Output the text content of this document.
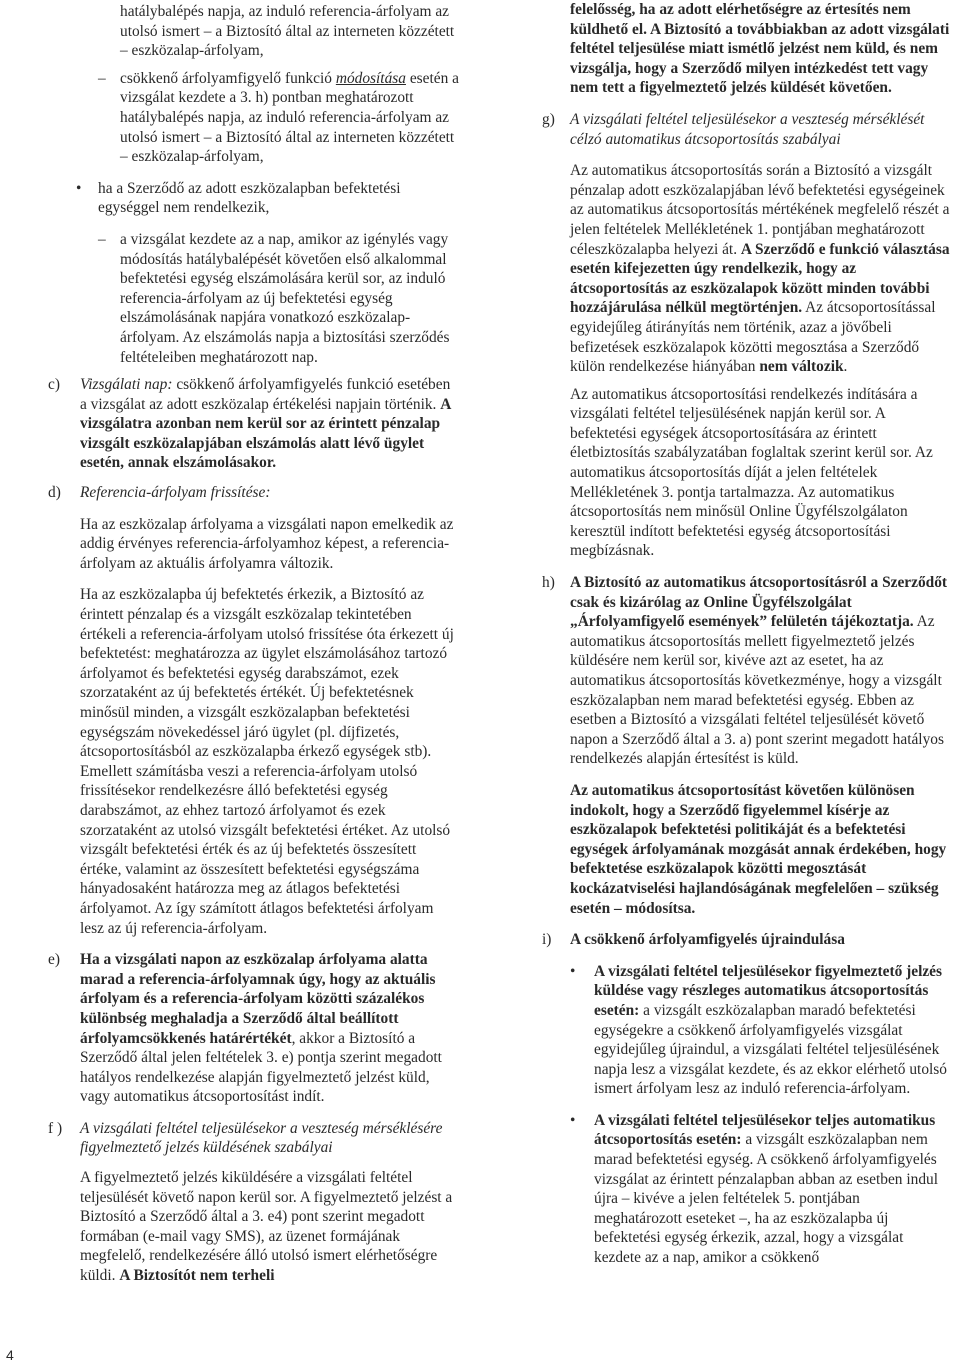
hatálybalépés napja, az induló referencia-árfolyam az utolsó ismert – a Biztosító által az interneten közzétett – eszközalap-árfolyam,

– csökkenő árfolyamfigyelő funkció módosítása esetén a vizsgálat kezdete a 3. h) pontban meghatározott hatálybalépés napja, az induló referencia-árfolyam az utolsó ismert – a Biztosító által az interneten közzétett – eszközalap-árfolyam,
• ha a Szerződő az adott eszközalapban befektetési egységgel nem rendelkezik,
– a vizsgálat kezdete az a nap, amikor az igénylés vagy módosítás hatálybalépését követően első alkalommal befektetési egység elszámolására kerül sor, az induló referencia-árfolyam az új befektetési egység elszámolásának napjára vonatkozó eszközalap-árfolyam. Az elszámolás napja a biztosítási szerződés feltételeiben meghatározott nap.
c) Vizsgálati nap: csökkenő árfolyamfigyelés funkció esetében a vizsgálat az adott eszközalap értékelési napjain történik. A vizsgálatra azonban nem kerül sor az érintett pénzalap vizsgált eszközalapjában elszámolás alatt lévő ügylet esetén, annak elszámolásakor.
d) Referencia-árfolyam frissítése:

Ha az eszközalap árfolyama a vizsgálati napon emelkedik az addig érvényes referencia-árfolyamhoz képest, a referencia-árfolyam az aktuális árfolyamra változik.

Ha az eszközalapba új befektetés érkezik, a Biztosító az érintett pénzalap és a vizsgált eszközalap tekintetében értékeli a referencia-árfolyam utolsó frissítése óta érkezett új befektetést: meghatározza az ügylet elszámolásához tartozó árfolyamot és befektetési egység darabszámot, ezek szorzataként az új befektetés értékét. Új befektetésnek minősül minden, a vizsgált eszközalapban befektetési egységszám növekedéssel járó ügylet (pl. díjfizetés, átcsoportosításból az eszközalapba érkező egységek stb). Emellett számításba veszi a referencia-árfolyam utolsó frissítésekor rendelkezésre álló befektetési egység darabszámot, az ehhez tartozó árfolyamot és ezek szorzataként az utolsó vizsgált befektetési értéket. Az utolsó vizsgált befektetési érték és az új befektetés összesített értéke, valamint az összesített befektetési egységszáma hányadosaként határozza meg az átlagos befektetési árfolyamot. Az így számított átlagos befektetési árfolyam lesz az új referencia-árfolyam.

e) Ha a vizsgálati napon az eszközalap árfolyama alatta marad a referencia-árfolyamnak úgy, hogy az aktuális árfolyam és a referencia-árfolyam közötti százalékos különbség meghaladja a Szerződő által beállított árfolyamcsökkenés határértékét, akkor a Biztosító a Szerződő által jelen feltételek 3. e) pontja szerint megadott hatályos rendelkezése alapján figyelmeztető jelzést küld, vagy automatikus átcsoportosítást indít.
f ) A vizsgálati feltétel teljesülésekor a veszteség mérséklésére figyelmeztető jelzés küldésének szabályai

A figyelmeztető jelzés kiküldésére a vizsgálati feltétel teljesülését követő napon kerül sor. A figyelmeztető jelzést a Biztosító a Szerződő által a 3. e4) pont szerint megadott formában (e-mail vagy SMS), az üzenet formájának megfelelő, rendelkezésére álló utolsó ismert elérhetőségre küldi. A Biztosítót nem terheli

felelősség, ha az adott elérhetőségre az értesítés nem küldhető el. A Biztosító a továbbiakban az adott vizsgálati feltétel teljesülése miatt ismétlő jelzést nem küld, és nem vizsgálja, hogy a Szerződő milyen intézkedést tett vagy nem tett a figyelmeztető jelzés küldését követően.

g) A vizsgálati feltétel teljesülésekor a veszteség mérséklését célzó automatikus átcsoportosítás szabályai

Az automatikus átcsoportosítás során a Biztosító a vizsgált pénzalap adott eszközalapjában lévő befektetési egységeinek az automatikus átcsoportosítás mértékének megfelelő részét a jelen feltételek Mellékletének 1. pontjában meghatározott céleszközalapba helyezi át. A Szerződő e funkció választása esetén kifejezetten úgy rendelkezik, hogy az átcsoportosítás az eszközalapok között minden további hozzájárulása nélkül megtörténjen. Az átcsoportosítással egyidejűleg átirányítás nem történik, azaz a jövőbeli befizetések eszközalapok közötti megosztása a Szerződő külön rendelkezése hiányában nem változik.

Az automatikus átcsoportosítási rendelkezés indítására a vizsgálati feltétel teljesülésének napján kerül sor. A befektetési egységek átcsoportosítására az érintett életbiztosítás szabályzatában foglaltak szerint kerül sor. Az automatikus átcsoportosítás díját a jelen feltételek Mellékletének 3. pontja tartalmazza. Az automatikus átcsoportosítás nem minősül Online Ügyfélszolgálaton keresztül indított befektetési egység átcsoportosítási megbízásnak.

h) A Biztosító az automatikus átcsoportosításról a Szerződőt csak és kizárólag az Online Ügyfélszolgálat „Árfolyamfigyelő események” felületén tájékoztatja. Az automatikus átcsoportosítás mellett figyelmeztető jelzés küldésére nem kerül sor, kivéve azt az esetet, ha az automatikus átcsoportosítás következménye, hogy a vizsgált eszközalapban nem marad befektetési egység. Ebben az esetben a Biztosító a vizsgálati feltétel teljesülését követő napon a Szerződő által a 3. a) pont szerint megadott hatályos rendelkezés alapján értesítést is küld.

Az automatikus átcsoportosítást követően különösen indokolt, hogy a Szerződő figyelemmel kísérje az eszközalapok befektetési politikáját és a befektetési egységek árfolyamának mozgását annak érdekében, hogy befektetése eszközalapok közötti megosztását kockázatviselési hajlandóságának megfelelően – szükség esetén – módosítsa.

i) A csökkenő árfolyamfigyelés újraindulása
• A vizsgálati feltétel teljesülésekor figyelmeztető jelzés küldése vagy részleges automatikus átcsoportosítás esetén: a vizsgált eszközalapban maradó befektetési egységekre a csökkenő árfolyamfigyelés vizsgálat egyidejűleg újraindul, a vizsgálati feltétel teljesülésének napja lesz a vizsgálat kezdete, és az ekkor elérhető utolsó ismert árfolyam lesz az induló referencia-árfolyam.
• A vizsgálati feltétel teljesülésekor teljes automatikus átcsoportosítás esetén: a vizsgált eszközalapban nem marad befektetési egység. A csökkenő árfolyamfigyelés vizsgálat az érintett pénzalapban abban az esetben indul újra – kivéve a jelen feltételek 5. pontjában meghatározott eseteket –, ha az eszközalapba új befektetési egység érkezik, azzal, hogy a vizsgálat kezdete az a nap, amikor a csökkenő
4
